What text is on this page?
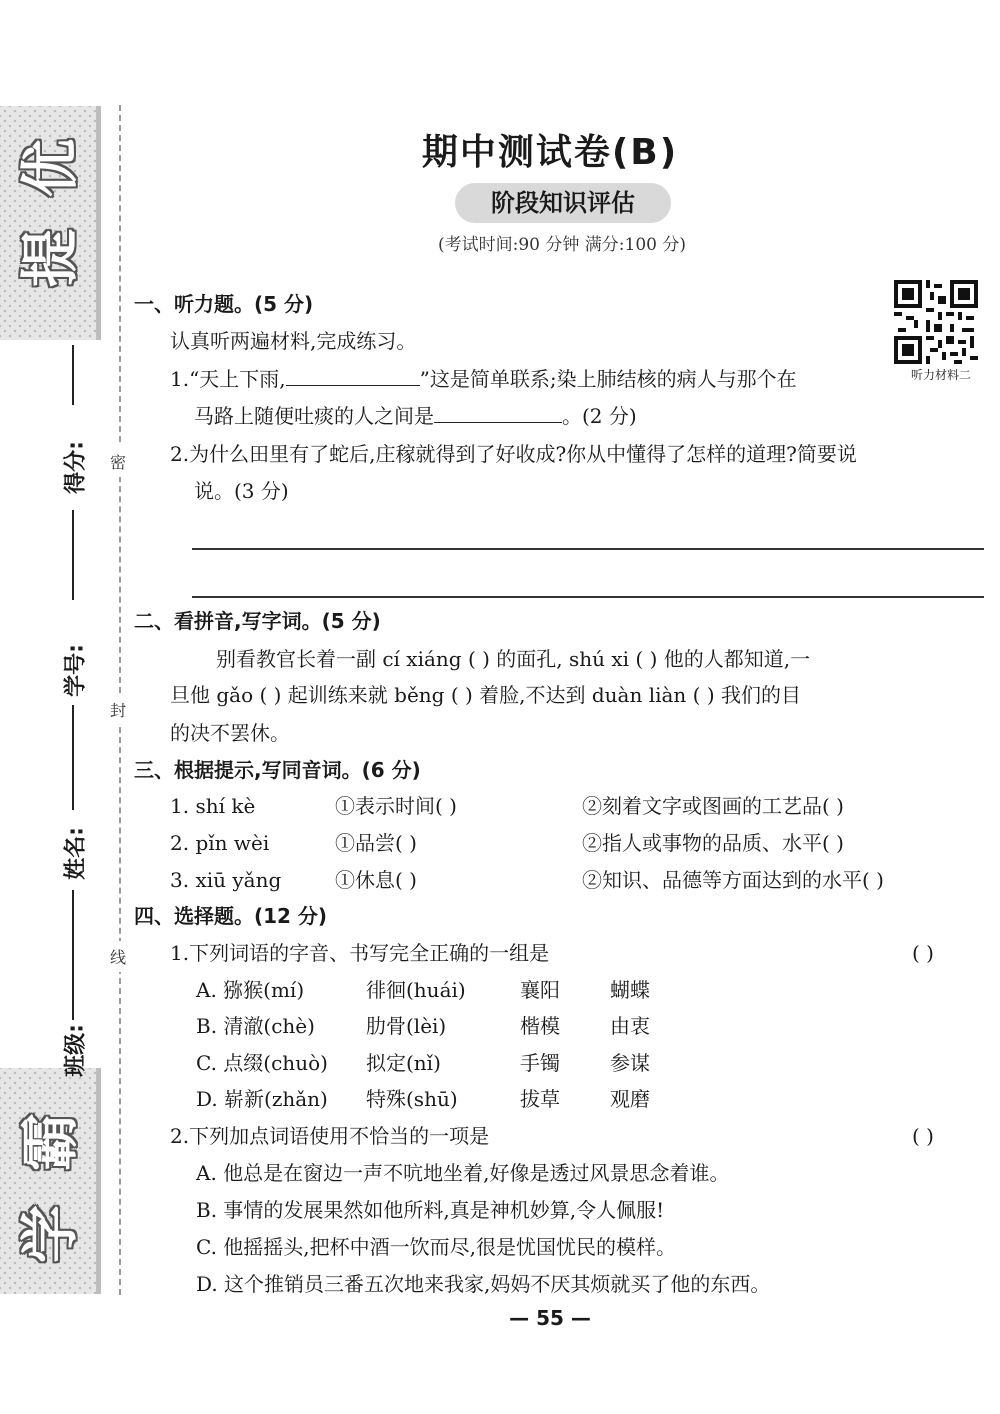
优
提
霸
学
得分:
学号:
姓名:
班级:
密
封
线
期中测试卷(B)
阶段知识评估
(考试时间:90 分钟 满分:100 分)
听力材料二
一、听力题。(5 分)
认真听两遍材料,完成练习。
1.“天上下雨,	”这是简单联系;染上肺结核的病人与那个在
马路上随便吐痰的人之间是	。(2 分)
2.为什么田里有了蛇后,庄稼就得到了好收成?你从中懂得了怎样的道理?简要说
说。(3 分)
二、看拼音,写字词。(5 分)
别看教官长着一副 cí xiáng ( ) 的面孔, shú xi ( ) 他的人都知道,一
旦他 gǎo ( ) 起训练来就 běng ( ) 着脸,不达到 duàn liàn ( ) 我们的目
的决不罢休。
三、根据提示,写同音词。(6 分)
1. shí kè	①表示时间( )	②刻着文字或图画的工艺品( )
2. pǐn wèi	①品尝( )	②指人或事物的品质、水平( )
3. xiū yǎng	①休息( )	②知识、品德等方面达到的水平( )
四、选择题。(12 分)
1.下列词语的字音、书写完全正确的一组是	( )
A. 猕猴(mí)	徘徊(huái)	襄阳	蝴蝶
B. 清澈(chè)	肋骨(lèi)	楷模	由衷
C. 点缀(chuò) 拟定(nǐ)	手镯	参谋
D. 崭新(zhǎn) 特殊(shū)	拔草	观磨
2.下列加点词语使用不恰当的一项是	( )
A. 他总是在窗边一声不吭地坐着,好像是透过风景思念着谁。
B. 事情的发展果然如他所料,真是神机妙算,令人佩服!
C. 他摇摇头,把杯中酒一饮而尽,很是忧国忧民的模样。
D. 这个推销员三番五次地来我家,妈妈不厌其烦就买了他的东西。
— 55 —
